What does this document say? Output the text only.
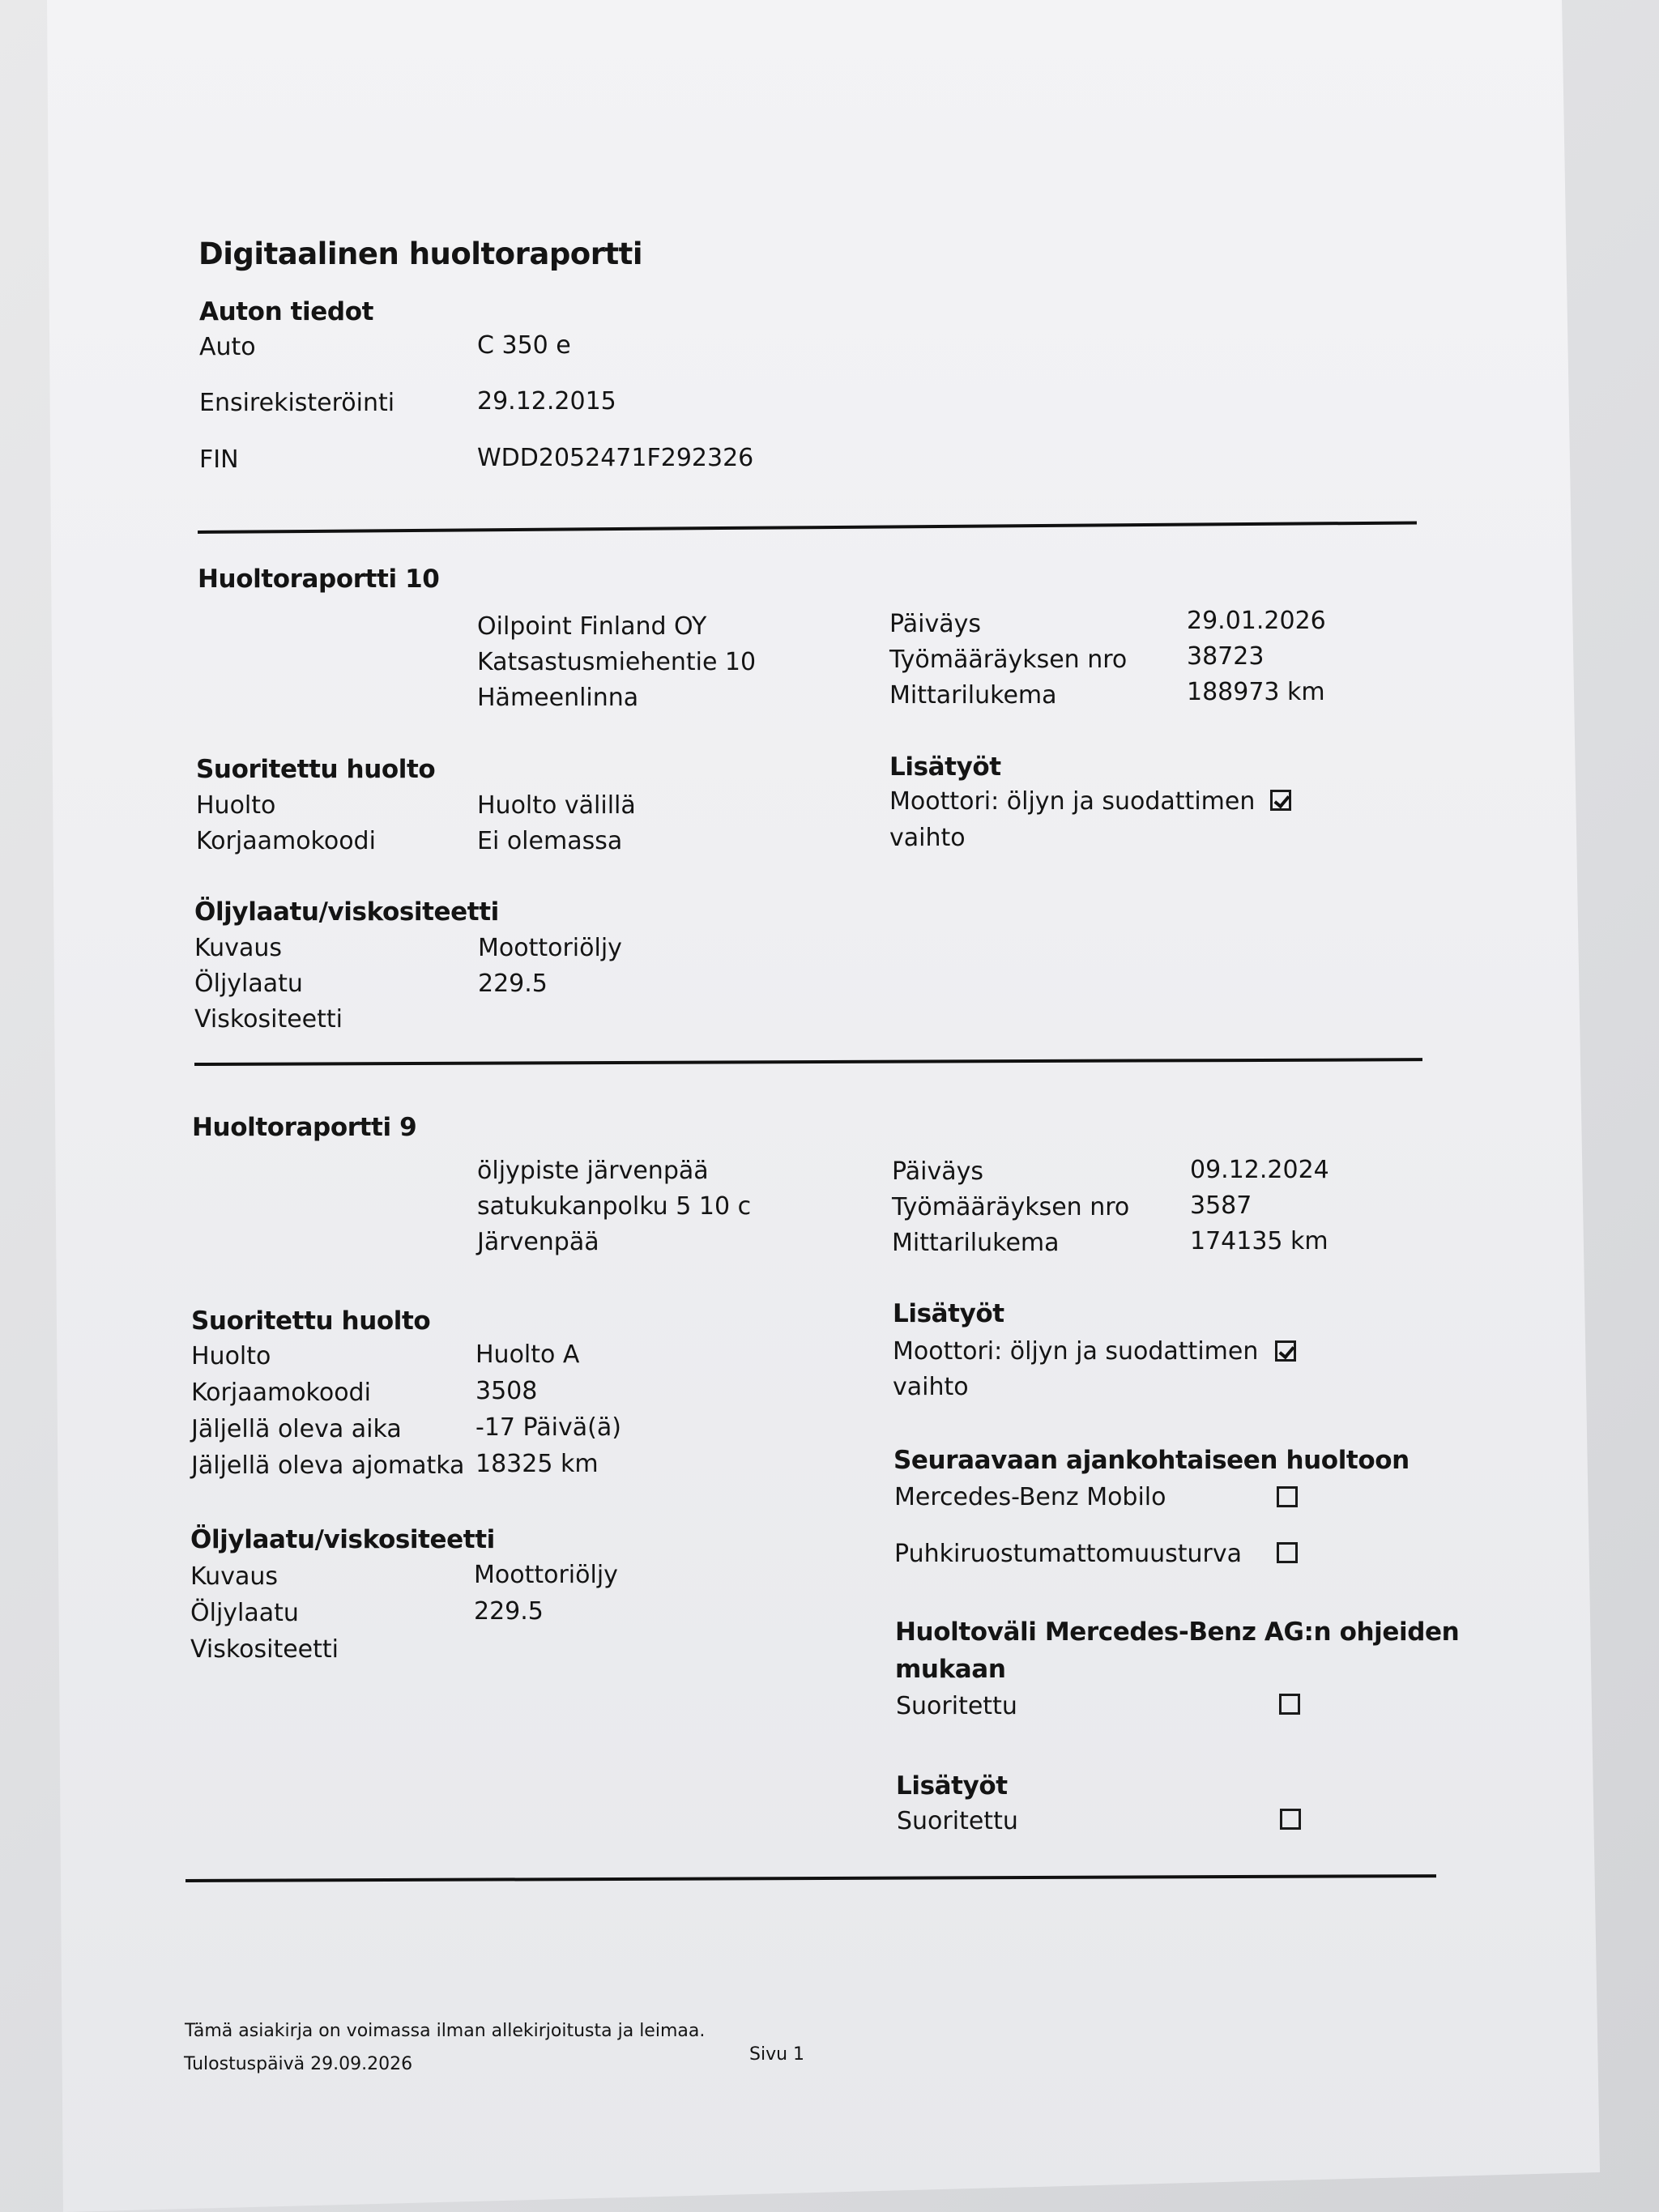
Digitaalinen huoltoraportti
Auton tiedot
Auto	C 350 e
Ensirekisteröinti	29.12.2015
FIN	WDD2052471F292326
Huoltoraportti 10
Oilpoint Finland OY
Katsastusmiehentie 10
Hämeenlinna
Päiväys	29.01.2026
Työmääräyksen nro 38723
Mittarilukema	188973 km
Suoritettu huolto
Huolto	Huolto välillä
Korjaamokoodi	Ei olemassa
Lisätyöt
Moottori: öljyn ja suodattimen
vaihto
Öljylaatu/viskositeetti
Kuvaus	Moottoriöljy
Öljylaatu	229.5
Viskositeetti
Huoltoraportti 9
öljypiste järvenpää
satukukanpolku 5 10 c
Järvenpää
Päiväys	09.12.2024
Työmääräyksen nro 3587
Mittarilukema	174135 km
Suoritettu huolto
Huolto	Huolto A
Korjaamokoodi	3508
Jäljellä oleva aika	-17 Päivä(ä)
Jäljellä oleva ajomatka 18325 km
Lisätyöt
Moottori: öljyn ja suodattimen
vaihto
Seuraavaan ajankohtaiseen huoltoon
Mercedes-Benz Mobilo
Puhkiruostumattomuusturva
Huoltoväli Mercedes-Benz AG:n ohjeiden
mukaan
Suoritettu
Lisätyöt
Suoritettu
Öljylaatu/viskositeetti
Kuvaus	Moottoriöljy
Öljylaatu	229.5
Viskositeetti
Tämä asiakirja on voimassa ilman allekirjoitusta ja leimaa.
Tulostuspäivä 29.09.2026	Sivu 1
